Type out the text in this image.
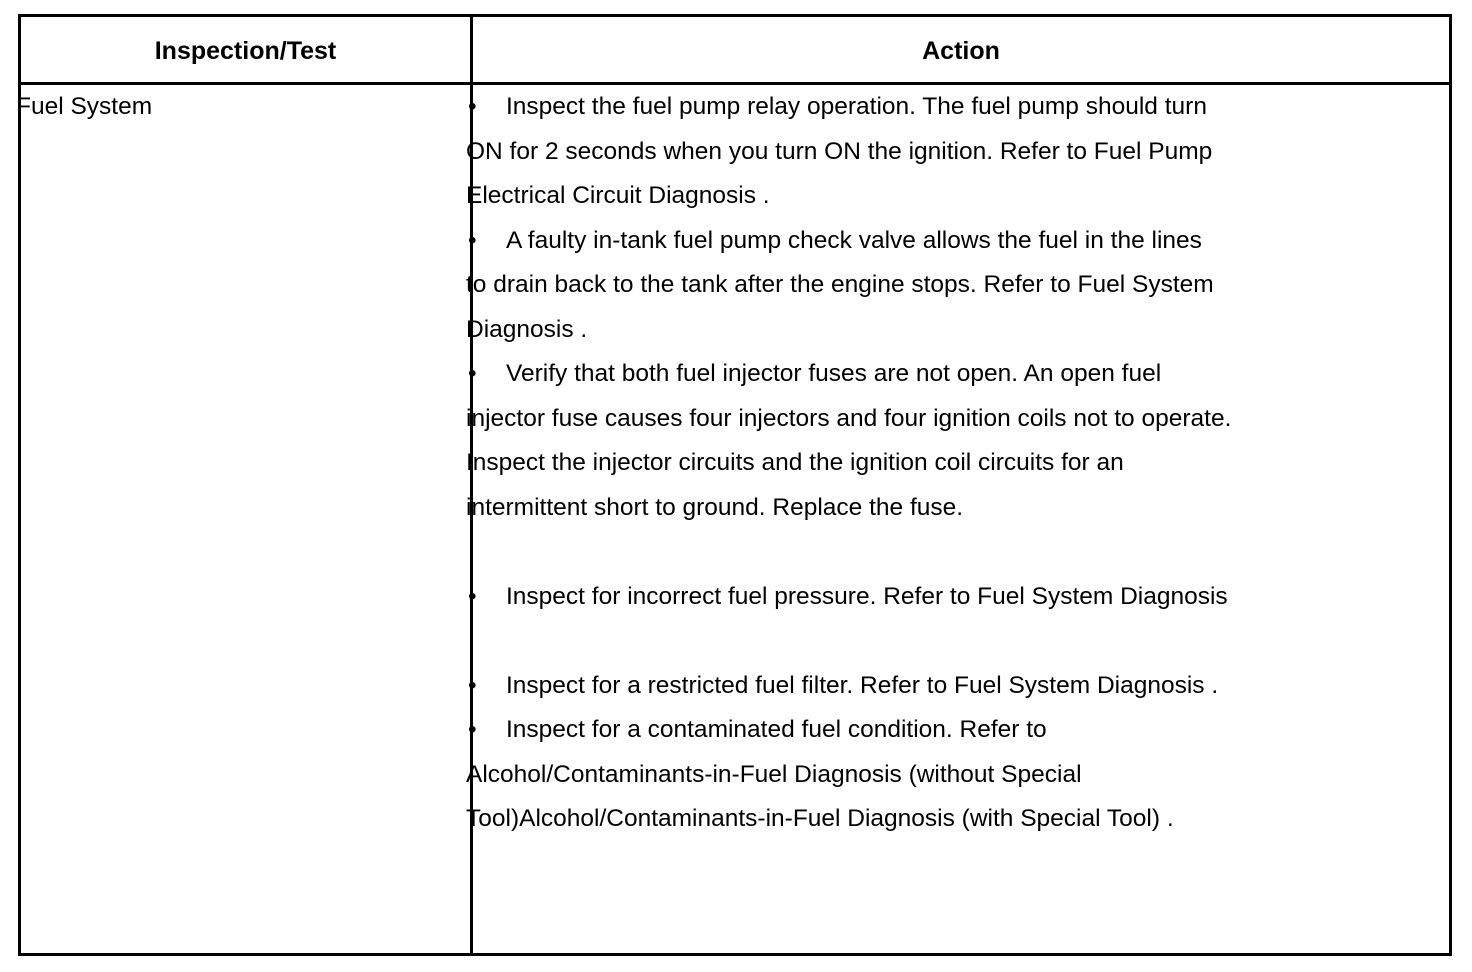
Inspection/Test	Action
Fuel System	• Inspect the fuel pump relay operation. The fuel pump should turn

ON for 2 seconds when you turn ON the ignition. Refer to Fuel Pump

Electrical Circuit Diagnosis .

• A faulty in-tank fuel pump check valve allows the fuel in the lines

to drain back to the tank after the engine stops. Refer to Fuel System

Diagnosis .

• Verify that both fuel injector fuses are not open. An open fuel

injector fuse causes four injectors and four ignition coils not to operate.

Inspect the injector circuits and the ignition coil circuits for an

intermittent short to ground. Replace the fuse.

• Inspect for incorrect fuel pressure. Refer to Fuel System Diagnosis

• Inspect for a restricted fuel filter. Refer to Fuel System Diagnosis .

• Inspect for a contaminated fuel condition. Refer to

Alcohol/Contaminants-in-Fuel Diagnosis (without Special

Tool)Alcohol/Contaminants-in-Fuel Diagnosis (with Special Tool) .
